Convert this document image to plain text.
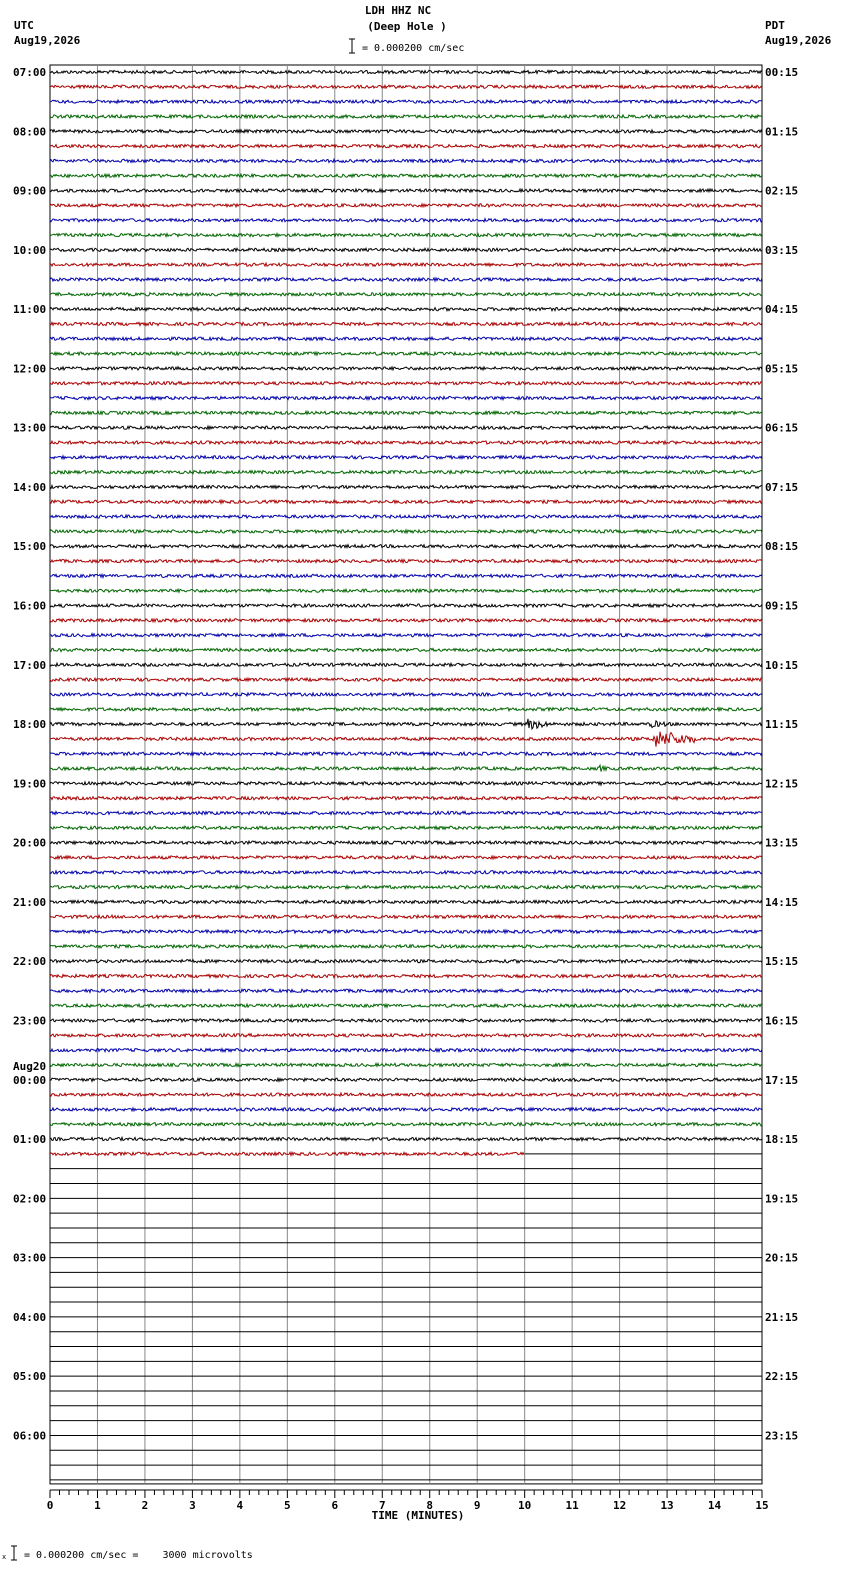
LDH HHZ NC
(Deep Hole )
= 0.000200 cm/sec
UTC
Aug19,2026
PDT
Aug19,2026
07:00
08:00
09:00
10:00
11:00
12:00
13:00
14:00
15:00
16:00
17:00
18:00
19:00
20:00
21:00
22:00
23:00
00:00
Aug20
01:00
02:00
03:00
04:00
05:00
06:00
00:15
01:15
02:15
03:15
04:15
05:15
06:15
07:15
08:15
09:15
10:15
11:15
12:15
13:15
14:15
15:15
16:15
17:15
18:15
19:15
20:15
21:15
22:15
23:15
TIME (MINUTES)
0	1	2	3	4	5	6	7	8	9	10	11	12	13	14	15
x = 0.000200 cm/sec =    3000 microvolts
